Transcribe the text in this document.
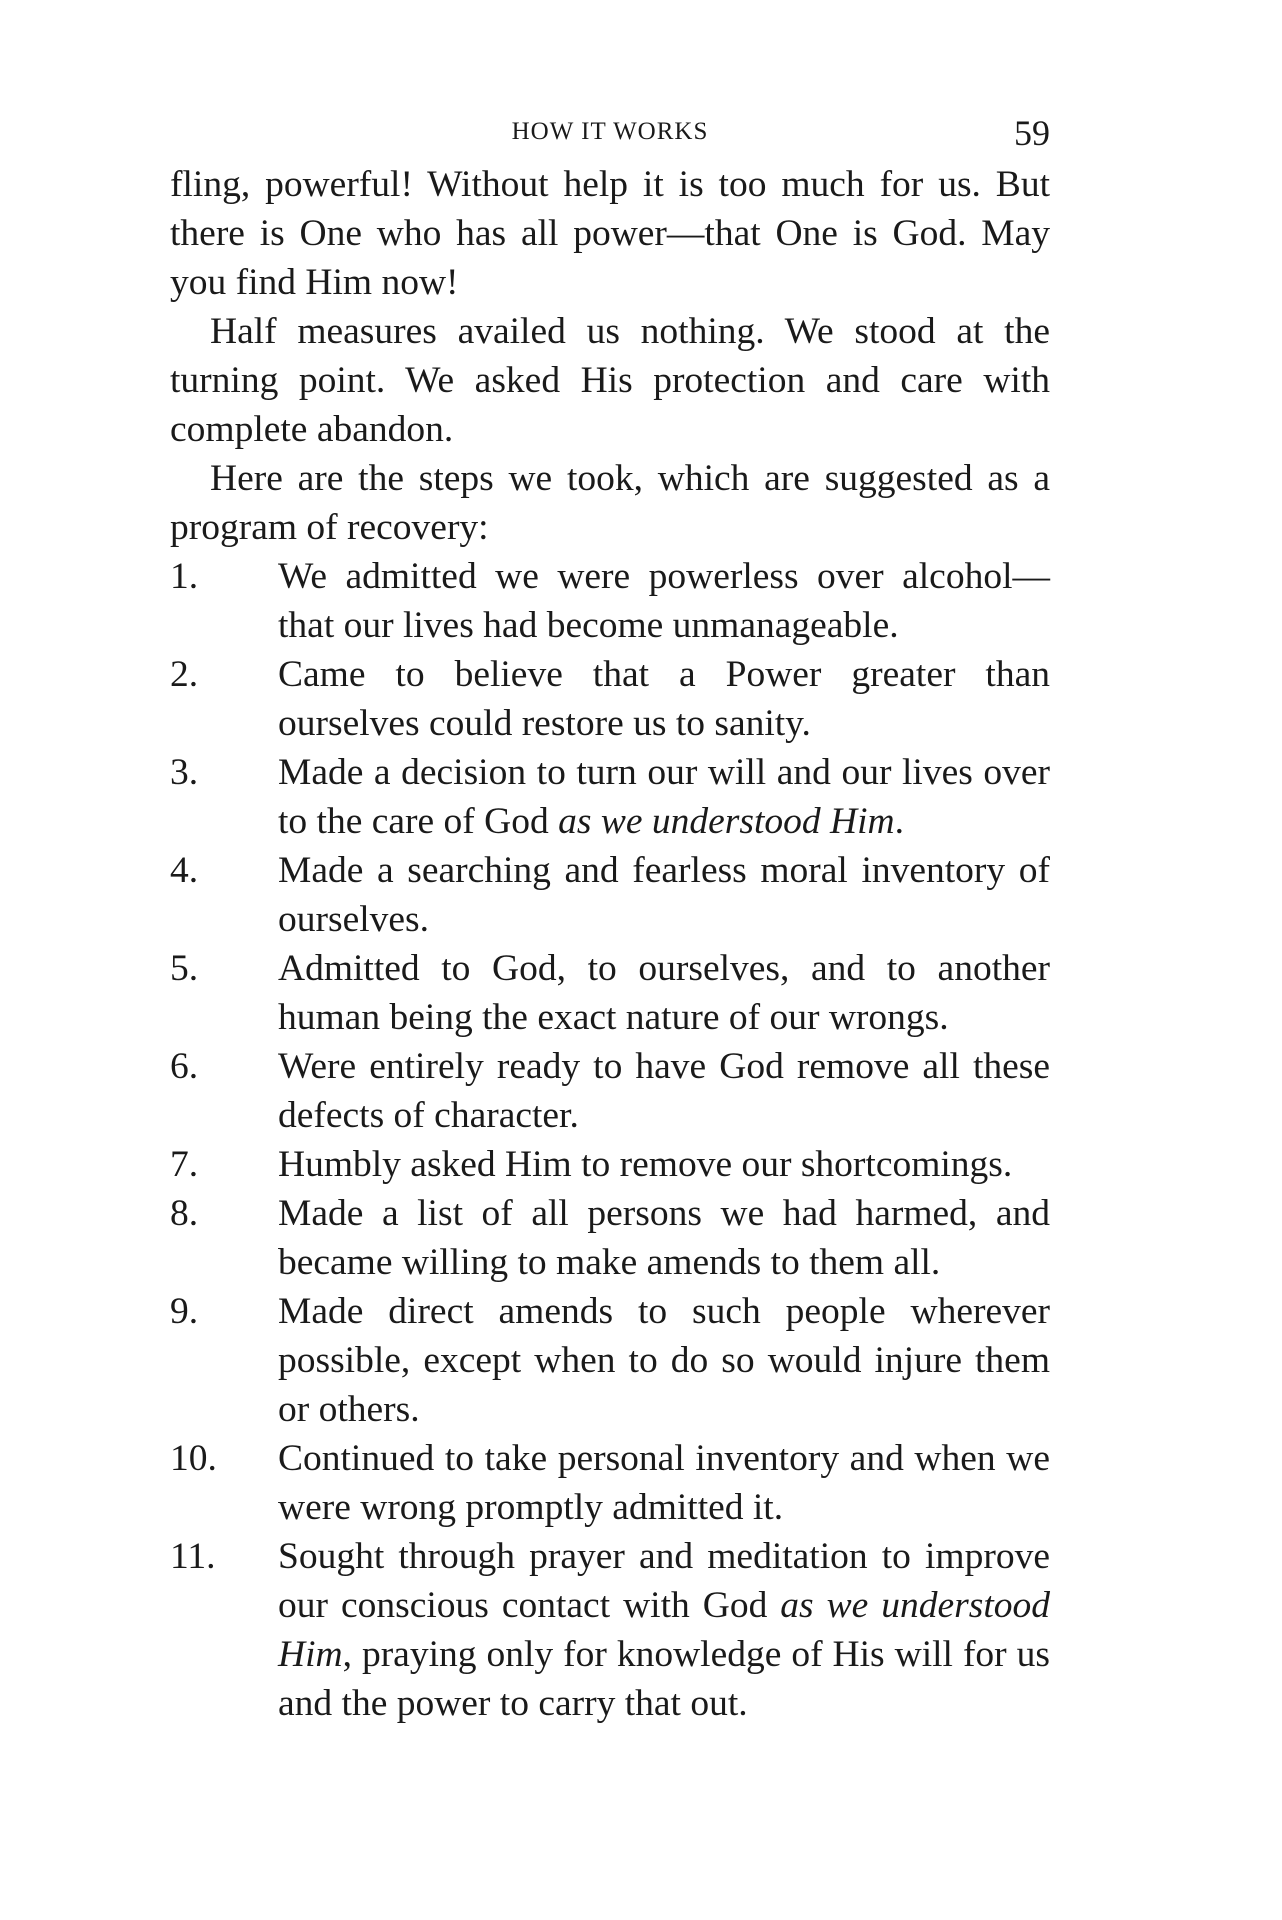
HOW IT WORKS	59

fling, powerful! Without help it is too much for us. But there is One who has all power—that One is God. May you find Him now!

Half measures availed us nothing. We stood at the turning point. We asked His protection and care with complete abandon.

Here are the steps we took, which are suggested as a program of recovery:

1.	We admitted we were powerless over alcohol—that our lives had become unmanageable.
2.	Came to believe that a Power greater than ourselves could restore us to sanity.
3.	Made a decision to turn our will and our lives over to the care of God as we understood Him.
4.	Made a searching and fearless moral inventory of ourselves.
5.	Admitted to God, to ourselves, and to another human being the exact nature of our wrongs.
6.	Were entirely ready to have God remove all these defects of character.
7.	Humbly asked Him to remove our shortcomings.
8.	Made a list of all persons we had harmed, and became willing to make amends to them all.
9.	Made direct amends to such people wherever possible, except when to do so would injure them or others.
10.	Continued to take personal inventory and when we were wrong promptly admitted it.
11.	Sought through prayer and meditation to improve our conscious contact with God as we understood Him, praying only for knowledge of His will for us and the power to carry that out.
